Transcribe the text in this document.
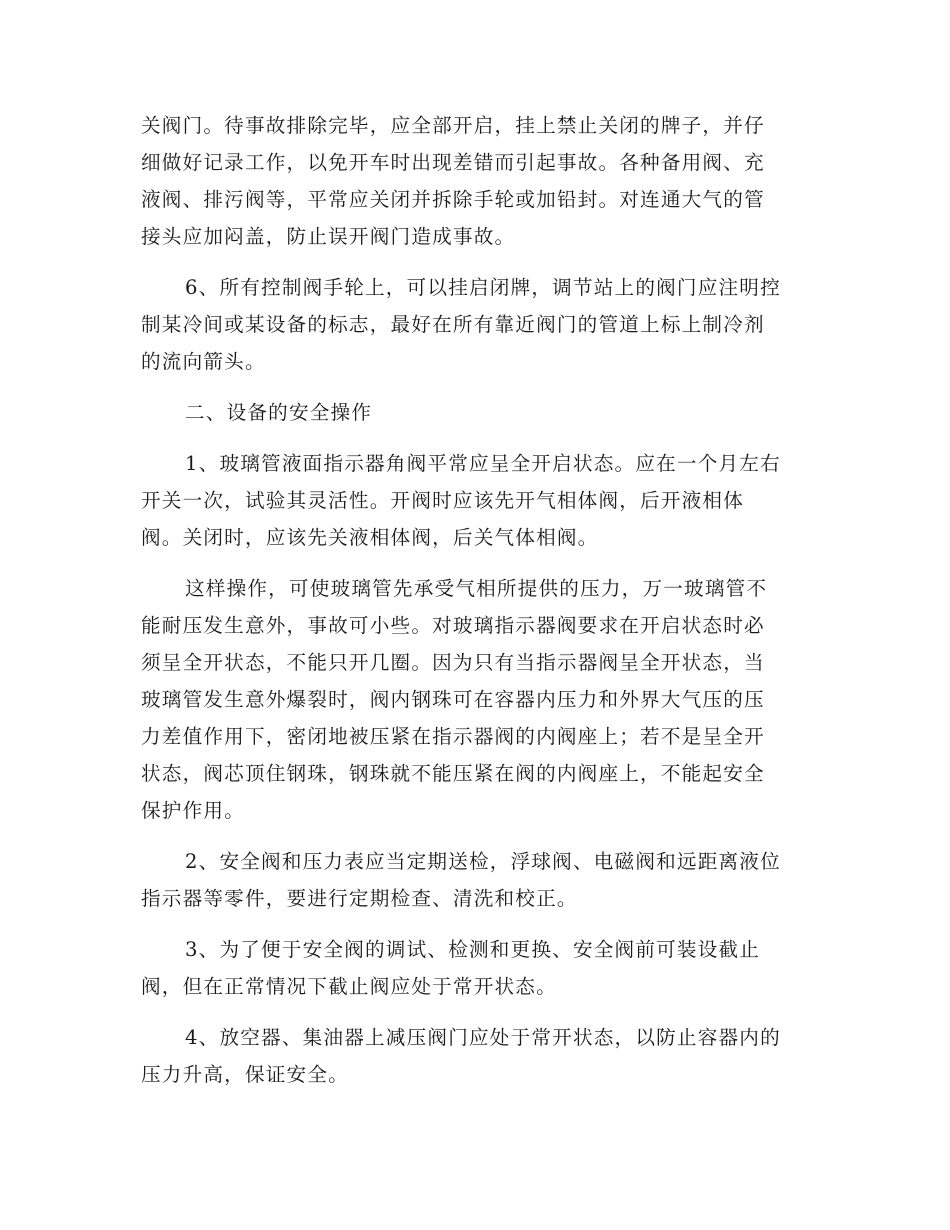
关阀门。待事故排除完毕，应全部开启，挂上禁止关闭的牌子，并仔
细做好记录工作，以免开车时出现差错而引起事故。各种备用阀、充
液阀、排污阀等，平常应关闭并拆除手轮或加铅封。对连通大气的管
接头应加闷盖，防止误开阀门造成事故。

6、所有控制阀手轮上，可以挂启闭牌，调节站上的阀门应注明控
制某冷间或某设备的标志，最好在所有靠近阀门的管道上标上制冷剂
的流向箭头。

二、设备的安全操作

1、玻璃管液面指示器角阀平常应呈全开启状态。应在一个月左右
开关一次，试验其灵活性。开阀时应该先开气相体阀，后开液相体
阀。关闭时，应该先关液相体阀，后关气体相阀。

这样操作，可使玻璃管先承受气相所提供的压力，万一玻璃管不
能耐压发生意外，事故可小些。对玻璃指示器阀要求在开启状态时必
须呈全开状态，不能只开几圈。因为只有当指示器阀呈全开状态，当
玻璃管发生意外爆裂时，阀内钢珠可在容器内压力和外界大气压的压
力差值作用下，密闭地被压紧在指示器阀的内阀座上；若不是呈全开
状态，阀芯顶住钢珠，钢珠就不能压紧在阀的内阀座上，不能起安全
保护作用。

2、安全阀和压力表应当定期送检，浮球阀、电磁阀和远距离液位
指示器等零件，要进行定期检查、清洗和校正。

3、为了便于安全阀的调试、检测和更换、安全阀前可装设截止
阀，但在正常情况下截止阀应处于常开状态。

4、放空器、集油器上减压阀门应处于常开状态，以防止容器内的
压力升高，保证安全。
